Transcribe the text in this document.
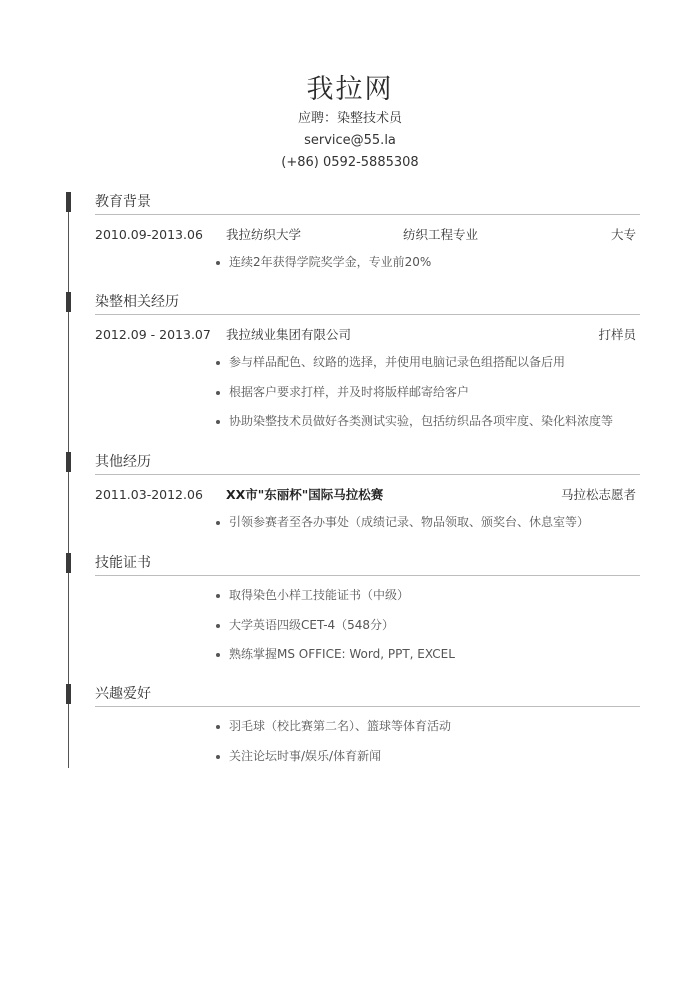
我拉网
应聘：染整技术员
service@55.la
(+86) 0592-5885308
教育背景
2010.09-2013.06 我拉纺织大学	纺织工程专业	大专
连续2年获得学院奖学金，专业前20%
染整相关经历
2012.09 - 2013.07 我拉绒业集团有限公司	打样员
参与样品配色、纹路的选择，并使用电脑记录色组搭配以备后用
根据客户要求打样，并及时将版样邮寄给客户
协助染整技术员做好各类测试实验，包括纺织品各项牢度、染化料浓度等
其他经历
2011.03-2012.06 XX市"东丽杯"国际马拉松赛	马拉松志愿者
引领参赛者至各办事处（成绩记录、物品领取、颁奖台、休息室等）
技能证书
取得染色小样工技能证书（中级）
大学英语四级CET-4（548分）
熟练掌握MS OFFICE: Word, PPT, EXCEL
兴趣爱好
羽毛球（校比赛第二名）、篮球等体育活动
关注论坛时事/娱乐/体育新闻
